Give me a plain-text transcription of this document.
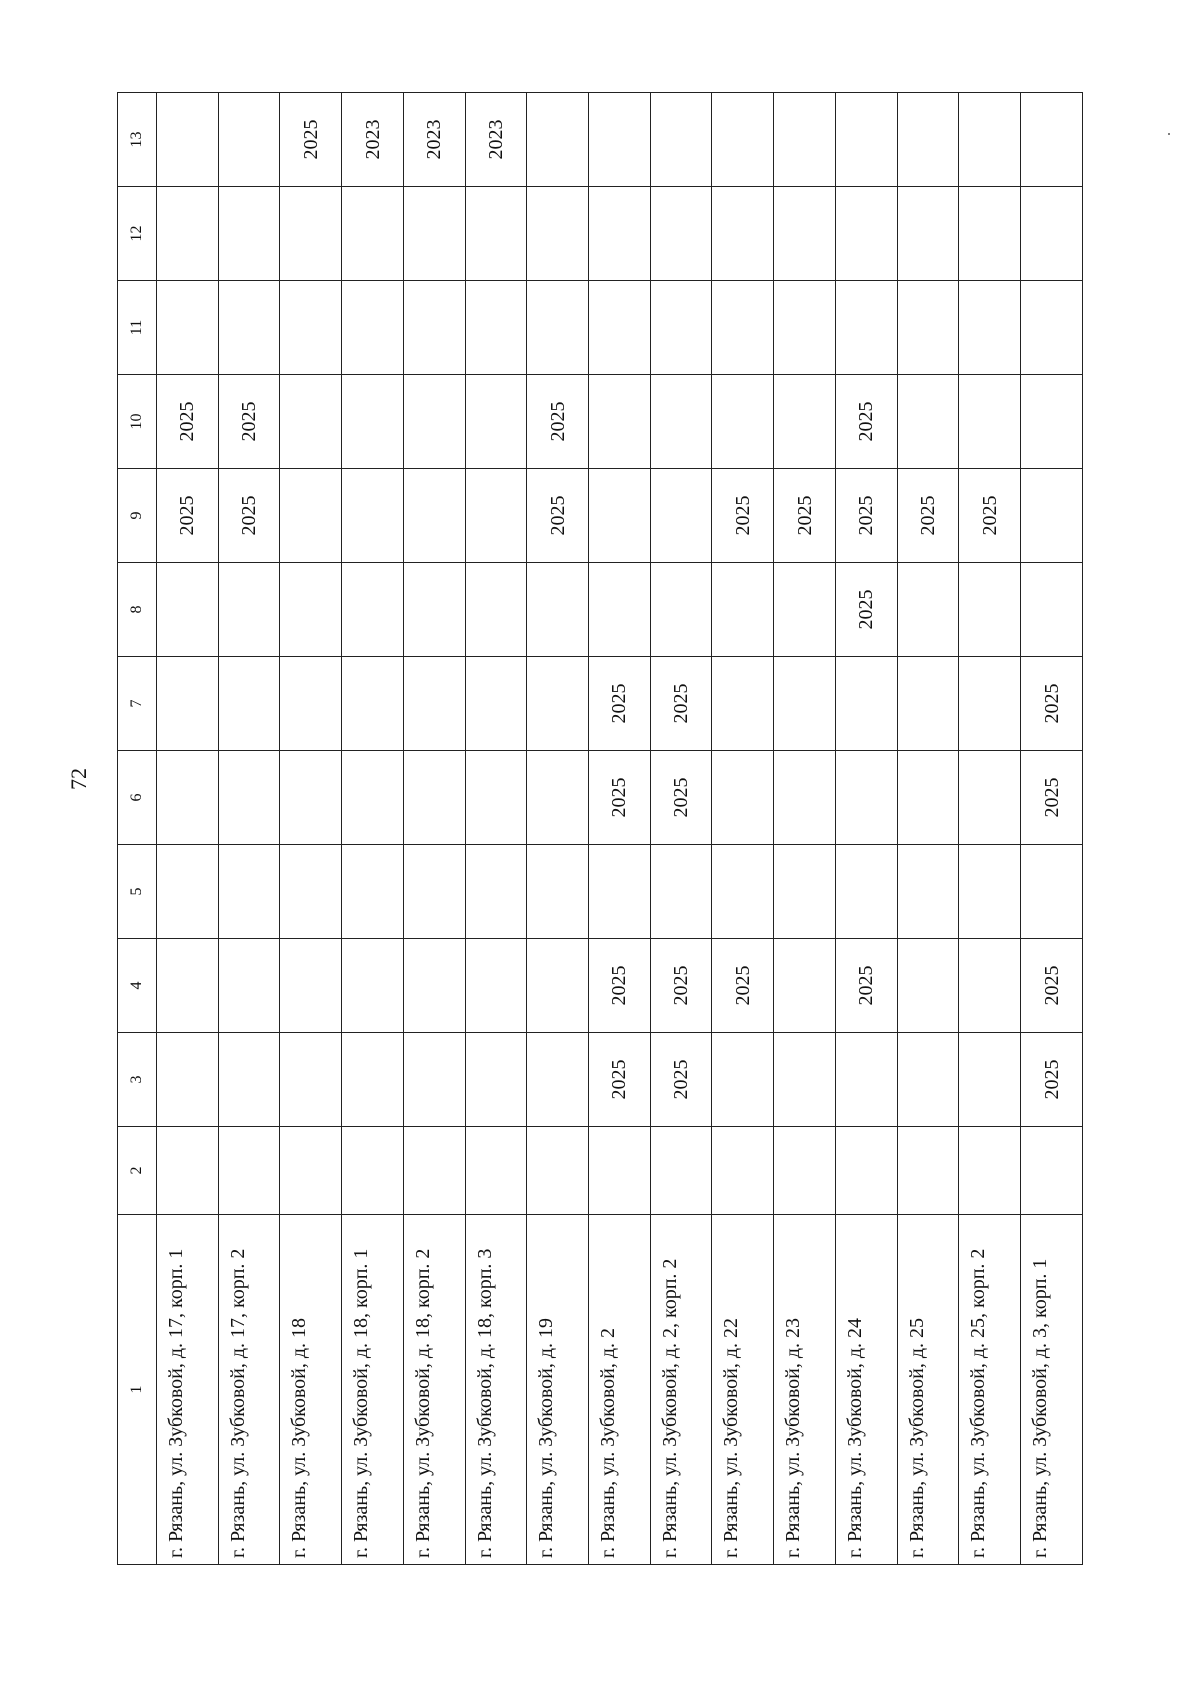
72
1	2	3	4	5	6	7	8	9	10	11	12	13
г. Рязань, ул. Зубковой, д. 17, корп. 1								2025	2025			
г. Рязань, ул. Зубковой, д. 17, корп. 2								2025	2025			
г. Рязань, ул. Зубковой, д. 18												2025
г. Рязань, ул. Зубковой, д. 18, корп. 1												2023
г. Рязань, ул. Зубковой, д. 18, корп. 2												2023
г. Рязань, ул. Зубковой, д. 18, корп. 3												2023
г. Рязань, ул. Зубковой, д. 19								2025	2025			
г. Рязань, ул. Зубковой, д. 2		2025	2025		2025	2025						
г. Рязань, ул. Зубковой, д. 2, корп. 2		2025	2025		2025	2025						
г. Рязань, ул. Зубковой, д. 22			2025					2025				
г. Рязань, ул. Зубковой, д. 23								2025				
г. Рязань, ул. Зубковой, д. 24			2025				2025	2025	2025			
г. Рязань, ул. Зубковой, д. 25								2025				
г. Рязань, ул. Зубковой, д. 25, корп. 2								2025				
г. Рязань, ул. Зубковой, д. 3, корп. 1		2025	2025		2025	2025						
